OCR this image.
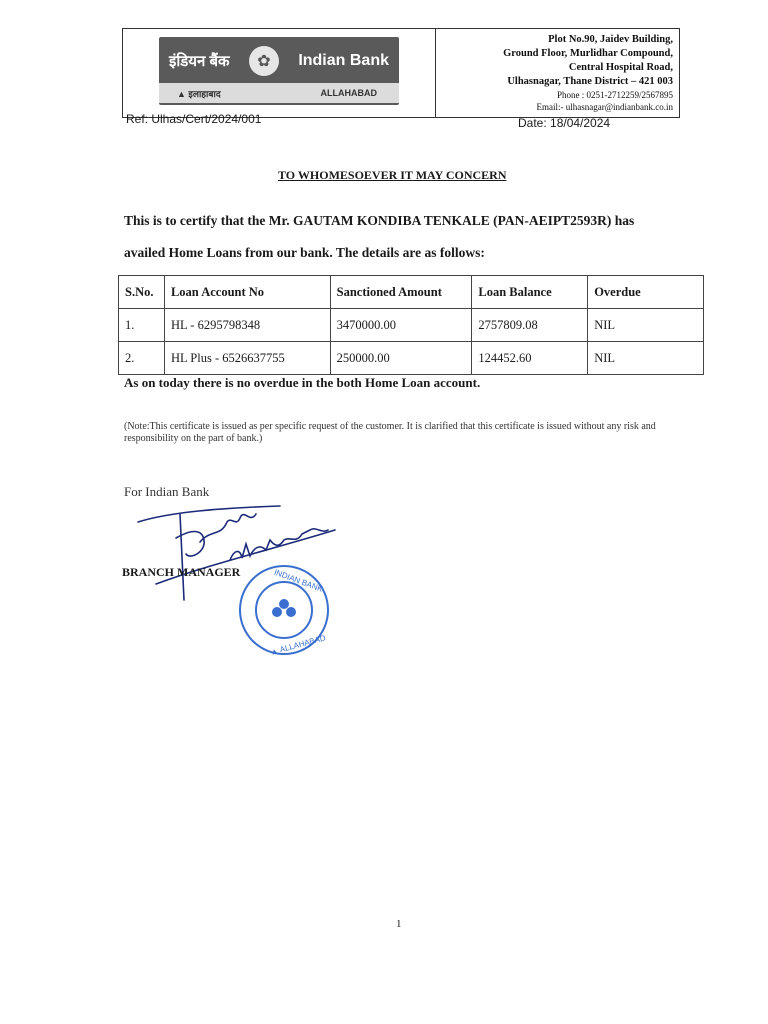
इंडियन बैंक	✿	Indian Bank
▲ इलाहाबाद	ALLAHABAD
Plot No.90, Jaidev Building,
Ground Floor, Murlidhar Compound,
Central Hospital Road,
Ulhasnagar, Thane District – 421 003
Phone : 0251-2712259/2567895
Email:- ulhasnagar@indianbank.co.in
Ref: Ulhas/Cert/2024/001	Date: 18/04/2024
TO WHOMESOEVER IT MAY CONCERN
This is to certify that the Mr. GAUTAM KONDIBA TENKALE (PAN-AEIPT2593R) has
availed Home Loans from our bank. The details are as follows:
S.No.	Loan Account No	Sanctioned Amount	Loan Balance	Overdue
1.	HL - 6295798348	3470000.00	2757809.08	NIL
2.	HL Plus - 6526637755	250000.00	124452.60	NIL
As on today there is no overdue in the both Home Loan account.
(Note:This certificate is issued as per specific request of the customer. It is clarified that this certificate is issued without any risk and responsibility on the part of bank.)
For Indian Bank
BRANCH MANAGER	INDIAN BANK
▲ ALLAHABAD
1
